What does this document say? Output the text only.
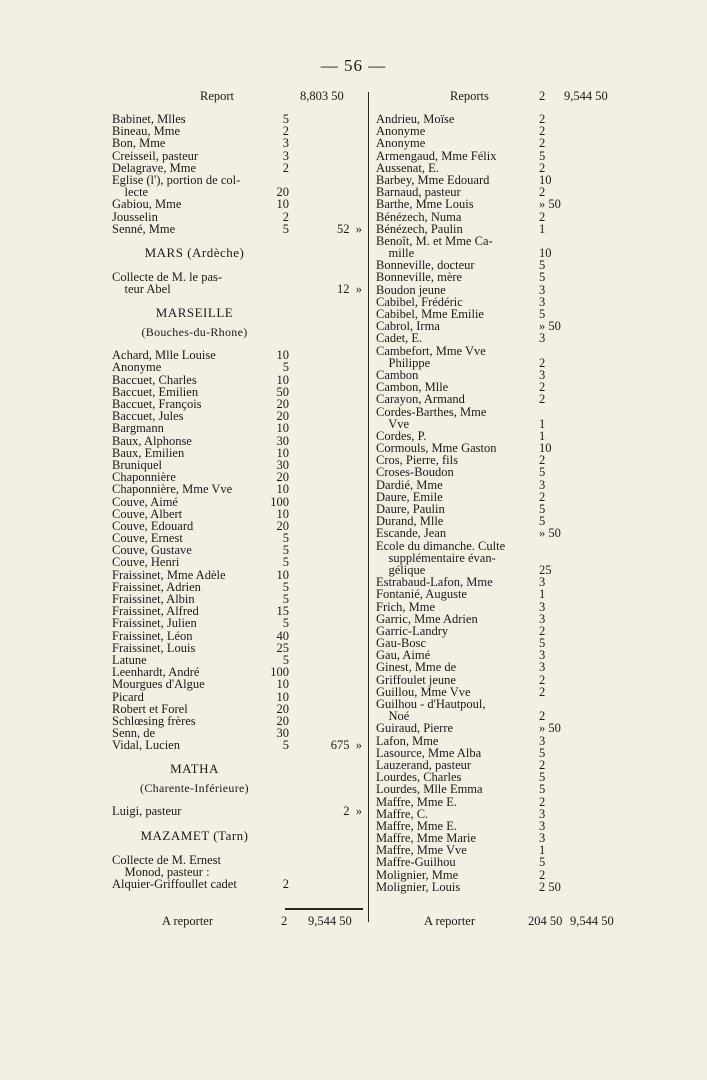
— 56 —
Report	8,803 50	Reports	2 9,544 50
Babinet, Mlles	5
Bineau, Mme	2
Bon, Mme	3
Creisseil, pasteur	3
Delagrave, Mme	2
Eglise (l'), portion de col-
lecte	20
Gabiou, Mme	10
Jousselin	2
Senné, Mme	5	52  »
MARS (Ardèche)
Collecte de M. le pas-
teur Abel	12  »
MARSEILLE
(Bouches-du-Rhone)
Achard, Mlle Louise	10
Anonyme	5
Baccuet, Charles	10
Baccuet, Emilien	50
Baccuet, François	20
Baccuet, Jules	20
Bargmann	10
Baux, Alphonse	30
Baux, Emilien	10
Bruniquel	30
Chaponnière	20
Chaponnière, Mme Vve	10
Couve, Aimé	100
Couve, Albert	10
Couve, Edouard	20
Couve, Ernest	5
Couve, Gustave	5
Couve, Henri	5
Fraissinet, Mme Adèle	10
Fraissinet, Adrien	5
Fraissinet, Albin	5
Fraissinet, Alfred	15
Fraissinet, Julien	5
Fraissinet, Léon	40
Fraissinet, Louis	25
Latune	5
Leenhardt, André	100
Mourgues d'Algue	10
Picard	10
Robert et Forel	20
Schlœsing frères	20
Senn, de	30
Vidal, Lucien	5	675  »
MATHA
(Charente-Inférieure)
Luigi, pasteur	2  »
MAZAMET (Tarn)
Collecte de M. Ernest
Monod, pasteur :
Alquier-Griffoullet cadet	2
Andrieu, Moïse	2
Anonyme	2
Anonyme	2
Armengaud, Mme Félix	5
Aussenat, E.	2
Barbey, Mme Edouard	10
Barnaud, pasteur	2
Barthe, Mme Louis	» 50
Bénézech, Numa	2
Bénézech, Paulin	1
Benoît, M. et Mme Ca-
mille	10
Bonneville, docteur	5
Bonneville, mère	5
Boudon jeune	3
Cabibel, Frédéric	3
Cabibel, Mme Emilie	5
Cabrol, Irma	» 50
Cadet, E.	3
Cambefort, Mme Vve
Philippe	2
Cambon	3
Cambon, Mlle	2
Carayon, Armand	2
Cordes-Barthes, Mme
Vve	1
Cordes, P.	1
Cormouls, Mme Gaston	10
Cros, Pierre, fils	2
Croses-Boudon	5
Dardié, Mme	3
Daure, Emile	2
Daure, Paulin	5
Durand, Mlle	5
Escande, Jean	» 50
Ecole du dimanche. Culte
supplémentaire évan-
gélique	25
Estrabaud-Lafon, Mme	3
Fontanié, Auguste	1
Frich, Mme	3
Garric, Mme Adrien	3
Garric-Landry	2
Gau-Bosc	5
Gau, Aimé	3
Ginest, Mme de	3
Griffoulet jeune	2
Guillou, Mme Vve	2
Guilhou - d'Hautpoul,
Noé	2
Guiraud, Pierre	» 50
Lafon, Mme	3
Lasource, Mme Alba	5
Lauzerand, pasteur	2
Lourdes, Charles	5
Lourdes, Mlle Emma	5
Maffre, Mme E.	2
Maffre, C.	3
Maffre, Mme E.	3
Maffre, Mme Marie	3
Maffre, Mme Vve	1
Maffre-Guilhou	5
Molignier, Mme	2
Molignier, Louis	2 50
A reporter	2 9,544 50	A reporter	204 50 9,544 50
